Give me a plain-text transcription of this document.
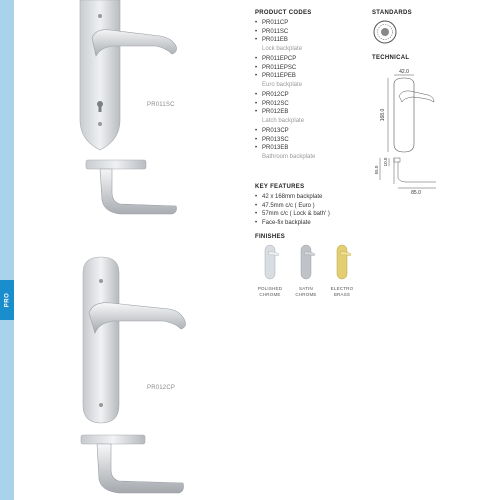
PRO
PR011SC
PR012CP
PRODUCT CODES
• PR011CP
• PR011SC
• PR011EB
Lock backplate
• PR011EPCP
• PR011EPSC
• PR011EPEB
Euro backplate
• PR012CP
• PR012SC
• PR012EB
Latch backplate
• PR013CP
• PR013SC
• PR013EB
Bathroom backplate
KEY FEATURES
• 42 x 168mm backplate
• 47.5mm c/c ( Euro )
• 57mm c/c ( Lock & bath' )
• Face-fix backplate
FINISHES
POLISHED
CHROME
SATIN
CHROME
ELECTRO
BRASS
STANDARDS
TECHNICAL
42.0
168.0
55.0
10.0
85.0
